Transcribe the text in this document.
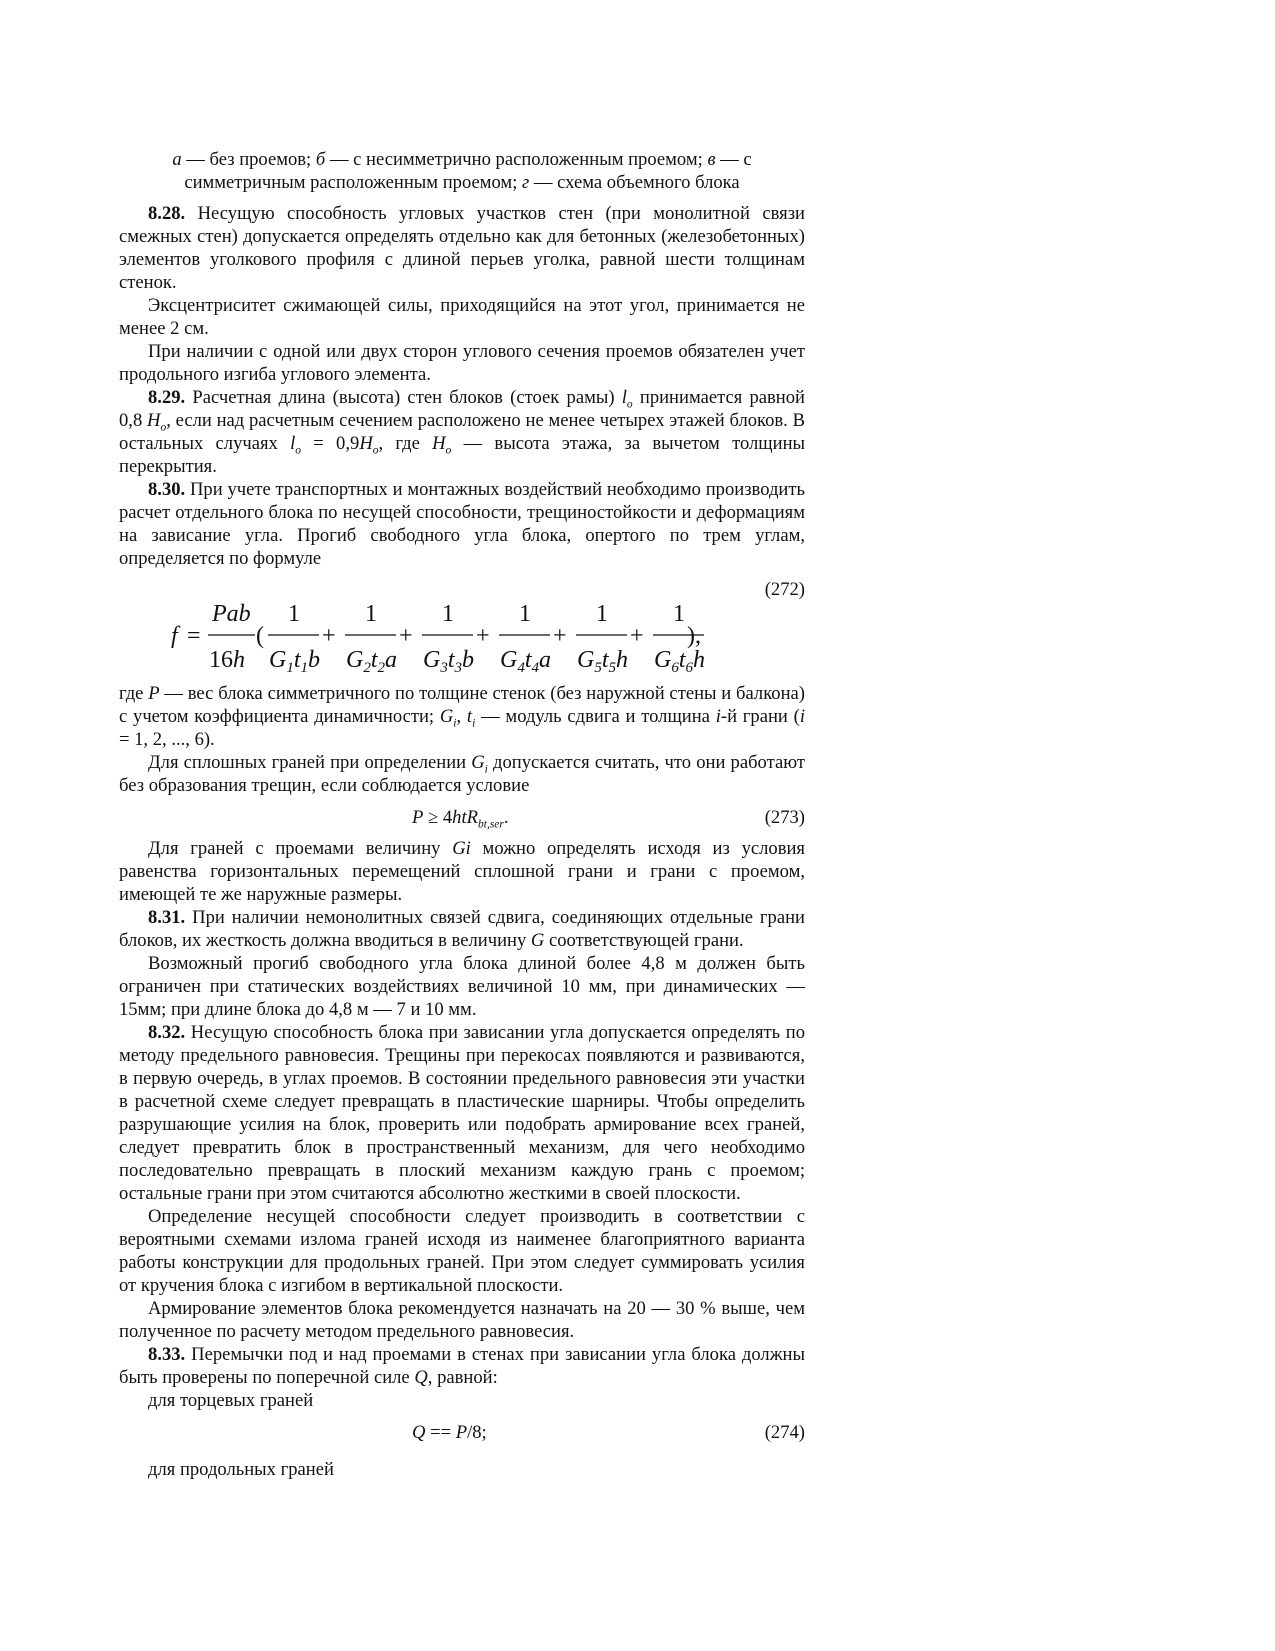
а — без проемов; б — с несимметрично расположенным проемом; в — с
симметричным расположенным проемом; г — схема объемного блока

8.28. Несущую способность угловых участков стен (при монолитной связи смежных стен) допускается определять отдельно как для бетонных (железобетонных) элементов уголкового профиля с длиной перьев уголка, равной шести толщинам стенок.

Эксцентриситет сжимающей силы, приходящийся на этот угол, принимается не менее 2 см.

При наличии с одной или двух сторон углового сечения проемов обязателен учет продольного изгиба углового элемента.

8.29. Расчетная длина (высота) стен блоков (стоек рамы) $l_o$ принимается равной 0,8 $H_o$, если над расчетным сечением расположено не менее четырех этажей блоков. В остальных случаях $l_o = 0,9H_o$, где $H_o$ — высота этажа, за вычетом толщины перекрытия.

8.30. При учете транспортных и монтажных воздействий необходимо производить расчет отдельного блока по несущей способности, трещиностойкости и деформациям на зависание угла. Прогиб свободного угла блока, опертого по трем углам, определяется по формуле

(272)
f =
Pab
16 h
(
1
$G_1t_1b$
+
1
$G_2t_2a$
+
1
$G_3t_3b$
+
1
$G_4t_4a$
+
1
$G_5t_5h$
+
1
$G_6t_6h$
),

где P — вес блока симметричного по толщине стенок (без наружной стены и балкона) с учетом коэффициента динамичности; $G_i$, $t_i$ — модуль сдвига и толщина i-й грани (i = 1, 2, ..., 6).

Для сплошных граней при определении $G_i$ допускается считать, что они работают без образования трещин, если соблюдается условие

P ≥ 4htR$_{bt,ser}$.	(273)

Для граней с проемами величину Gi можно определять исходя из условия равенства горизонтальных перемещений сплошной грани и грани с проемом, имеющей те же наружные размеры.

8.31. При наличии немонолитных связей сдвига, соединяющих отдельные грани блоков, их жесткость должна вводиться в величину G соответствующей грани.

Возможный прогиб свободного угла блока длиной более 4,8 м должен быть ограничен при статических воздействиях величиной 10 мм, при динамических — 15мм; при длине блока до 4,8 м — 7 и 10 мм.

8.32. Несущую способность блока при зависании угла допускается определять по методу предельного равновесия. Трещины при перекосах появляются и развиваются, в первую очередь, в углах проемов. В состоянии предельного равновесия эти участки в расчетной схеме следует превращать в пластические шарниры. Чтобы определить разрушающие усилия на блок, проверить или подобрать армирование всех граней, следует превратить блок в пространственный механизм, для чего необходимо последовательно превращать в плоский механизм каждую грань с проемом; остальные грани при этом считаются абсолютно жесткими в своей плоскости.

Определение несущей способности следует производить в соответствии с вероятными схемами излома граней исходя из наименее благоприятного варианта работы конструкции для продольных граней. При этом следует суммировать усилия от кручения блока с изгибом в вертикальной плоскости.

Армирование элементов блока рекомендуется назначать на 20 — 30 % выше, чем полученное по расчету методом предельного равновесия.

8.33. Перемычки под и над проемами в стенах при зависании угла блока должны быть проверены по поперечной силе Q, равной:

для торцевых граней

Q == P/8;	(274)

для продольных граней
